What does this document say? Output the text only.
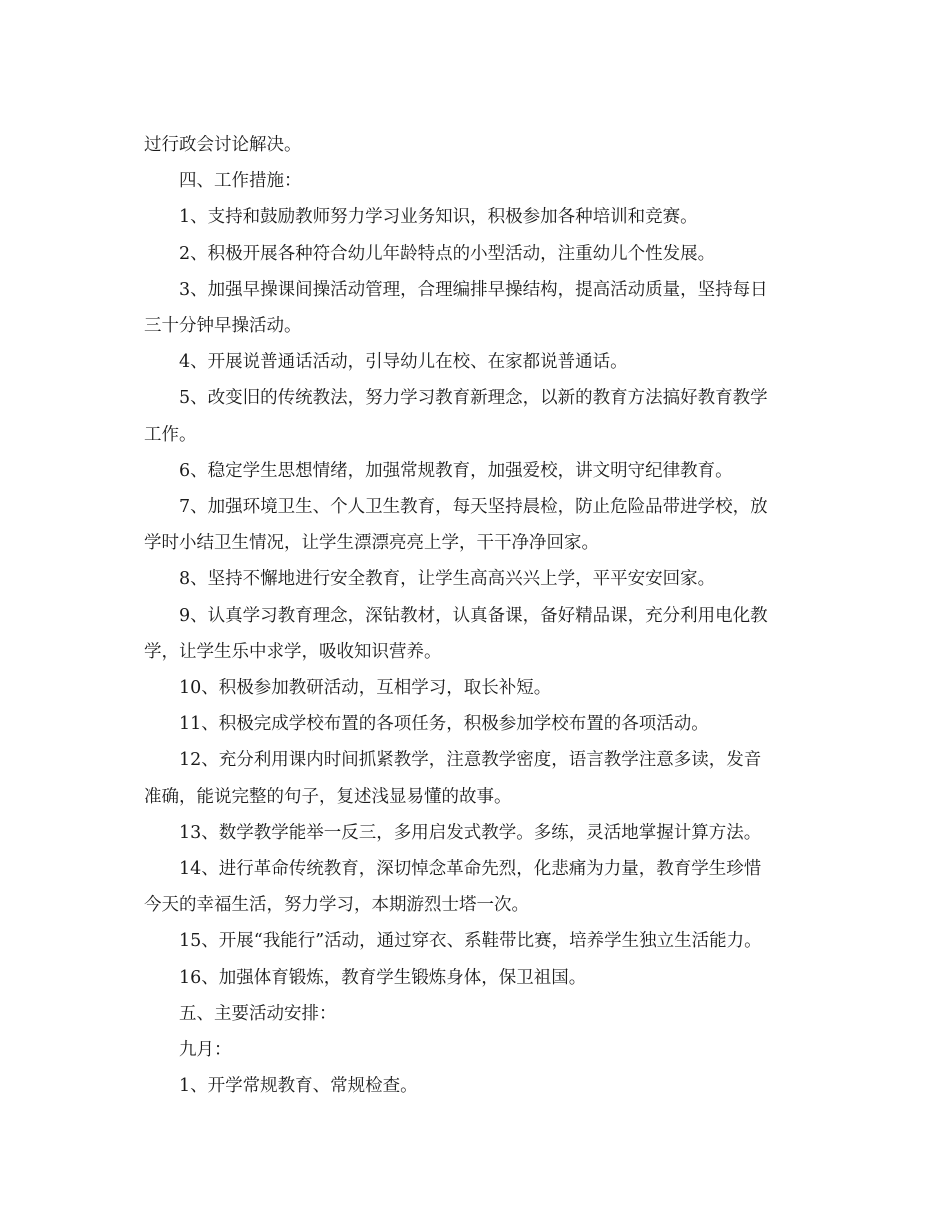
过行政会讨论解决。
四、工作措施：
1、支持和鼓励教师努力学习业务知识，积极参加各种培训和竞赛。
2、积极开展各种符合幼儿年龄特点的小型活动，注重幼儿个性发展。
3、加强早操课间操活动管理，合理编排早操结构，提高活动质量，坚持每日
三十分钟早操活动。
4、开展说普通话活动，引导幼儿在校、在家都说普通话。
5、改变旧的传统教法，努力学习教育新理念，以新的教育方法搞好教育教学
工作。
6、稳定学生思想情绪，加强常规教育，加强爱校，讲文明守纪律教育。
7、加强环境卫生、个人卫生教育，每天坚持晨检，防止危险品带进学校，放
学时小结卫生情况，让学生漂漂亮亮上学，干干净净回家。
8、坚持不懈地进行安全教育，让学生高高兴兴上学，平平安安回家。
9、认真学习教育理念，深钻教材，认真备课，备好精品课，充分利用电化教
学，让学生乐中求学，吸收知识营养。
10、积极参加教研活动，互相学习，取长补短。
11、积极完成学校布置的各项任务，积极参加学校布置的各项活动。
12、充分利用课内时间抓紧教学，注意教学密度，语言教学注意多读，发音
准确，能说完整的句子，复述浅显易懂的故事。
13、数学教学能举一反三，多用启发式教学。多练，灵活地掌握计算方法。
14、进行革命传统教育，深切悼念革命先烈，化悲痛为力量，教育学生珍惜
今天的幸福生活，努力学习，本期游烈士塔一次。
15、开展“我能行”活动，通过穿衣、系鞋带比赛，培养学生独立生活能力。
16、加强体育锻炼，教育学生锻炼身体，保卫祖国。
五、主要活动安排：
九月：
1、开学常规教育、常规检查。
